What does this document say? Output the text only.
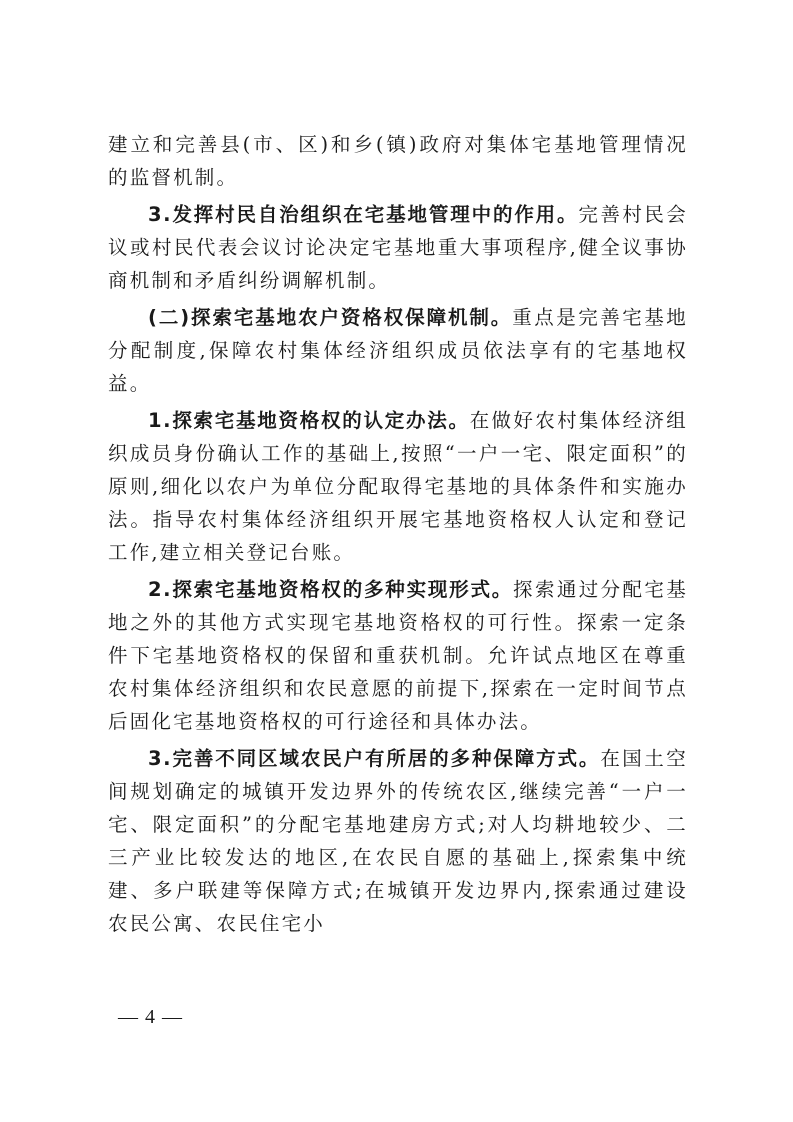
建立和完善县(市、区)和乡(镇)政府对集体宅基地管理情况的监督机制。

3.发挥村民自治组织在宅基地管理中的作用。完善村民会议或村民代表会议讨论决定宅基地重大事项程序,健全议事协商机制和矛盾纠纷调解机制。

(二)探索宅基地农户资格权保障机制。重点是完善宅基地分配制度,保障农村集体经济组织成员依法享有的宅基地权益。

1.探索宅基地资格权的认定办法。在做好农村集体经济组织成员身份确认工作的基础上,按照“一户一宅、限定面积”的原则,细化以农户为单位分配取得宅基地的具体条件和实施办法。指导农村集体经济组织开展宅基地资格权人认定和登记工作,建立相关登记台账。

2.探索宅基地资格权的多种实现形式。探索通过分配宅基地之外的其他方式实现宅基地资格权的可行性。探索一定条件下宅基地资格权的保留和重获机制。允许试点地区在尊重农村集体经济组织和农民意愿的前提下,探索在一定时间节点后固化宅基地资格权的可行途径和具体办法。

3.完善不同区域农民户有所居的多种保障方式。在国土空间规划确定的城镇开发边界外的传统农区,继续完善“一户一宅、限定面积”的分配宅基地建房方式;对人均耕地较少、二三产业比较发达的地区,在农民自愿的基础上,探索集中统建、多户联建等保障方式;在城镇开发边界内,探索通过建设农民公寓、农民住宅小

— 4 —
